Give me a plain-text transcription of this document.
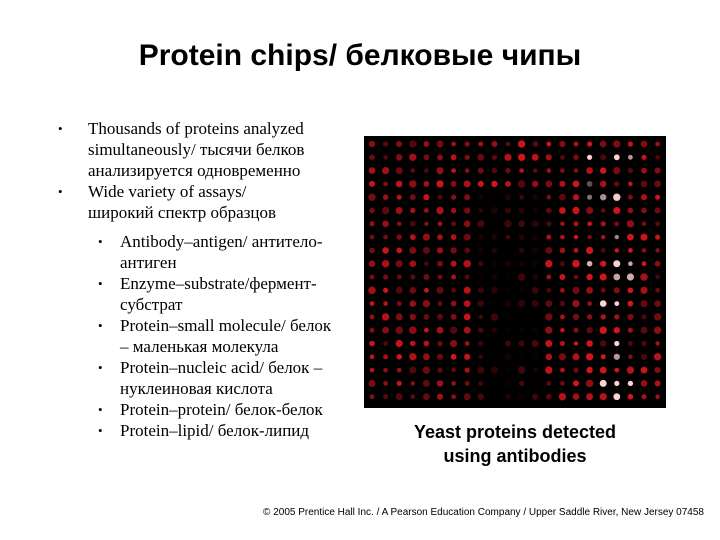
Protein chips/ белковые чипы
• Thousands of proteins analyzed
simultaneously/ тысячи белков
анализируется одновременно
• Wide variety of assays/
широкий спектр образцов
• Antibody–antigen/ антитело-
антиген
• Enzyme–substrate/фермент-
субстрат
• Protein–small molecule/ белок
– маленькая молекула
• Protein–nucleic acid/ белок –
нуклеиновая кислота
• Protein–protein/ белок-белок
• Protein–lipid/ белок-липид	Yeast proteins detected
using antibodies
© 2005 Prentice Hall Inc. / A Pearson Education Company / Upper Saddle River, New Jersey 07458
